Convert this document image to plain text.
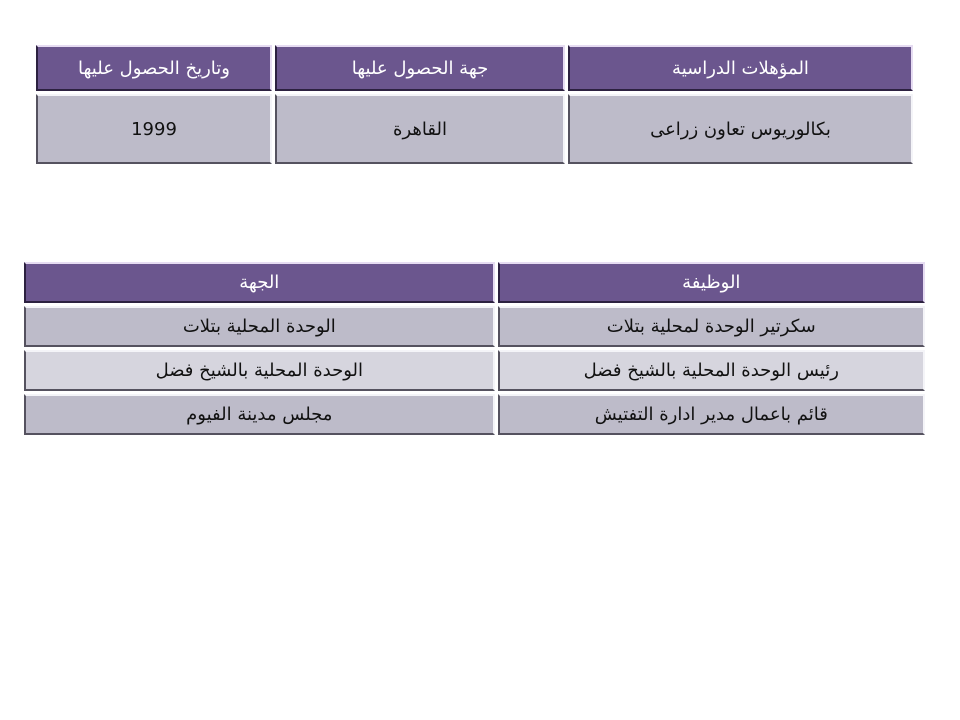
المؤهلات الدراسية	جهة الحصول عليها	وتاريخ الحصول عليها
بكالوريوس تعاون زراعى	القاهرة	1999
الوظيفة	الجهة
سكرتير الوحدة لمحلية بتلات	الوحدة المحلية بتلات
رئيس الوحدة المحلية بالشيخ فضل	الوحدة المحلية بالشيخ فضل
قائم باعمال مدير ادارة التفتيش	مجلس مدينة الفيوم
